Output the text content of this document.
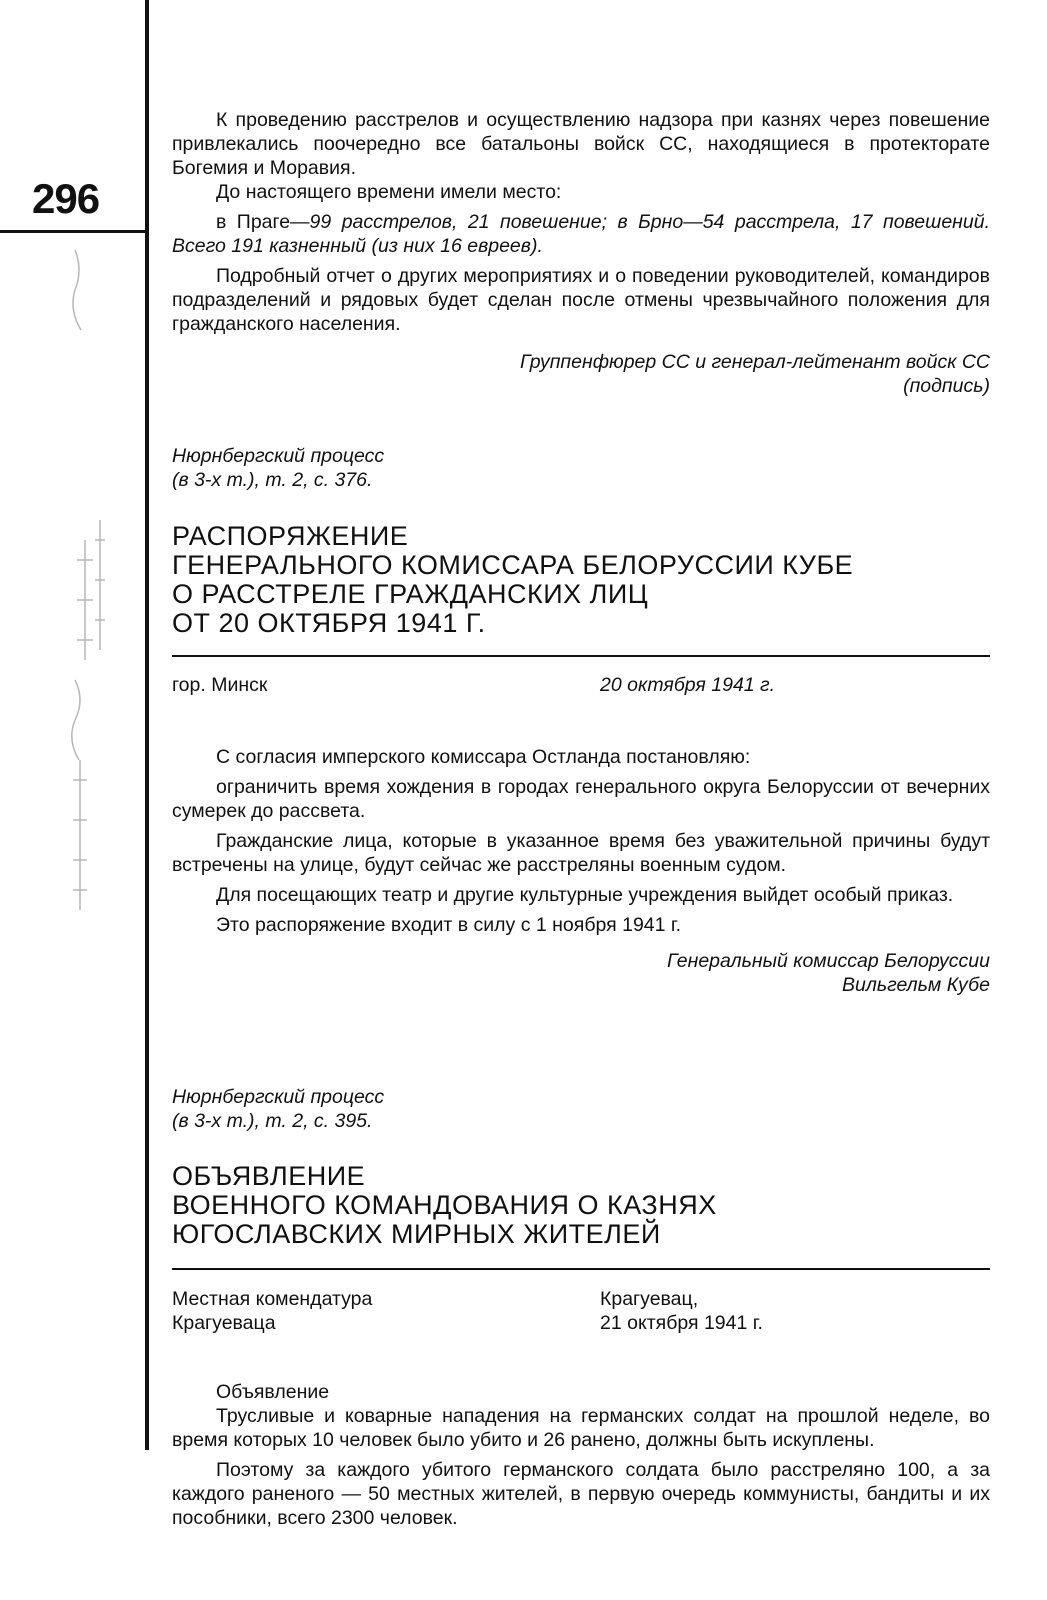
296

К проведению расстрелов и осуществлению надзора при казнях через повешение привлекались поочередно все батальоны войск СС, находящиеся в протекторате Богемия и Моравия.

До настоящего времени имели место:

в Праге—99 расстрелов, 21 повешение; в Брно—54 расстрела, 17 повешений. Всего 191 казненный (из них 16 евреев).

Подробный отчет о других мероприятиях и о поведении руководителей, командиров подразделений и рядовых будет сделан после отмены чрезвычайного положения для гражданского населения.

Группенфюрер СС и генерал-лейтенант войск СС

(подпись)

Нюрнбергский процесс

(в 3-х т.), т. 2, с. 376.

РАСПОРЯЖЕНИЕ
ГЕНЕРАЛЬНОГО КОМИССАРА БЕЛОРУССИИ КУБЕ
О РАССТРЕЛЕ ГРАЖДАНСКИХ ЛИЦ
ОТ 20 ОКТЯБРЯ 1941 Г.
гор. Минск	20 октября 1941 г.

С согласия имперского комиссара Остланда постановляю:

ограничить время хождения в городах генерального округа Белоруссии от вечерних сумерек до рассвета.

Гражданские лица, которые в указанное время без уважительной причины будут встречены на улице, будут сейчас же расстреляны военным судом.

Для посещающих театр и другие культурные учреждения выйдет особый приказ.

Это распоряжение входит в силу с 1 ноября 1941 г.

Генеральный комиссар Белоруссии

Вильгельм Кубе

Нюрнбергский процесс

(в 3-х т.), т. 2, с. 395.

ОБЪЯВЛЕНИЕ
ВОЕННОГО КОМАНДОВАНИЯ О КАЗНЯХ
ЮГОСЛАВСКИХ МИРНЫХ ЖИТЕЛЕЙ
Местная комендатура
Крагуеваца
Крагуевац,
21 октября 1941 г.

Объявление

Трусливые и коварные нападения на германских солдат на прошлой неделе, во время которых 10 человек было убито и 26 ранено, должны быть искуплены.

Поэтому за каждого убитого германского солдата было расстреляно 100, а за каждого раненого — 50 местных жителей, в первую очередь коммунисты, бандиты и их пособники, всего 2300 человек.
